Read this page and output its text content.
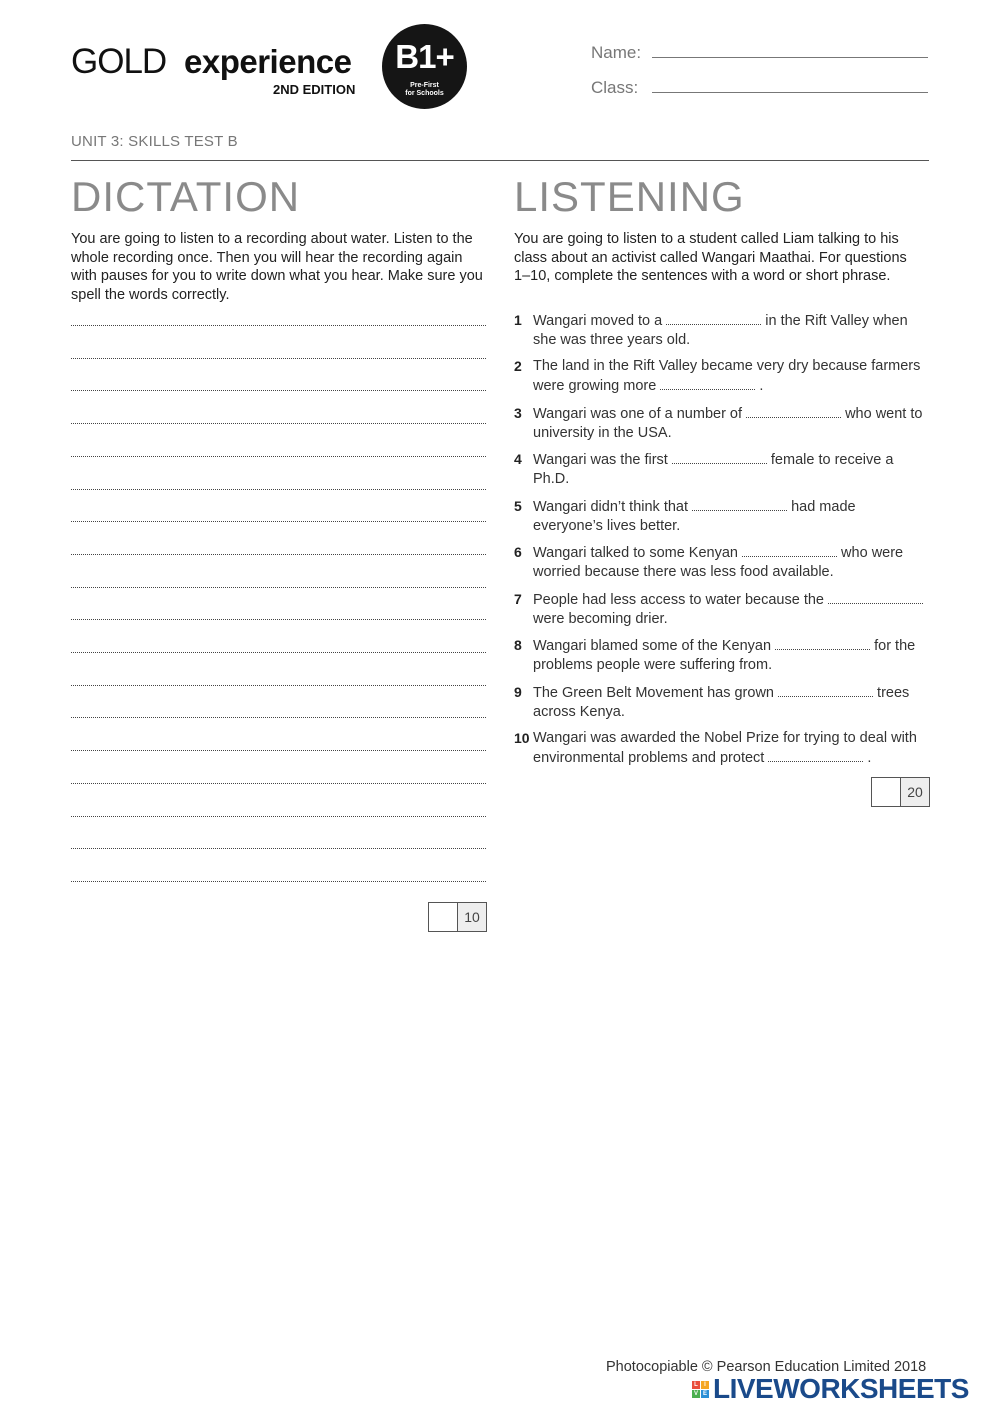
GOLD experience
2ND EDITION
B1+
Pre-First
for Schools
Name:
Class:
UNIT 3: SKILLS TEST B
DICTATION
You are going to listen to a recording about water. Listen to the whole recording once. Then you will hear the recording again with pauses for you to write down what you hear. Make sure you spell the words correctly.
10
LISTENING
You are going to listen to a student called Liam talking to his class about an activist called Wangari Maathai. For questions 1–10, complete the sentences with a word or short phrase.
1 Wangari moved to a	in the Rift Valley when she was three years old.
2 The land in the Rift Valley became very dry because farmers were growing more	.
3 Wangari was one of a number of	who went to university in the USA.
4 Wangari was the first	female to receive a Ph.D.
5 Wangari didn’t think that	had made everyone’s lives better.
6 Wangari talked to some Kenyan	who were worried because there was less food available.
7 People had less access to water because the  were becoming drier.
8 Wangari blamed some of the Kenyan	for the problems people were suffering from.
9 The Green Belt Movement has grown	trees across Kenya.
10 Wangari was awarded the Nobel Prize for trying to deal with environmental problems and protect	.
20
Photocopiable © Pearson Education Limited 2018
L	I
V E LIVEWORKSHEETS
